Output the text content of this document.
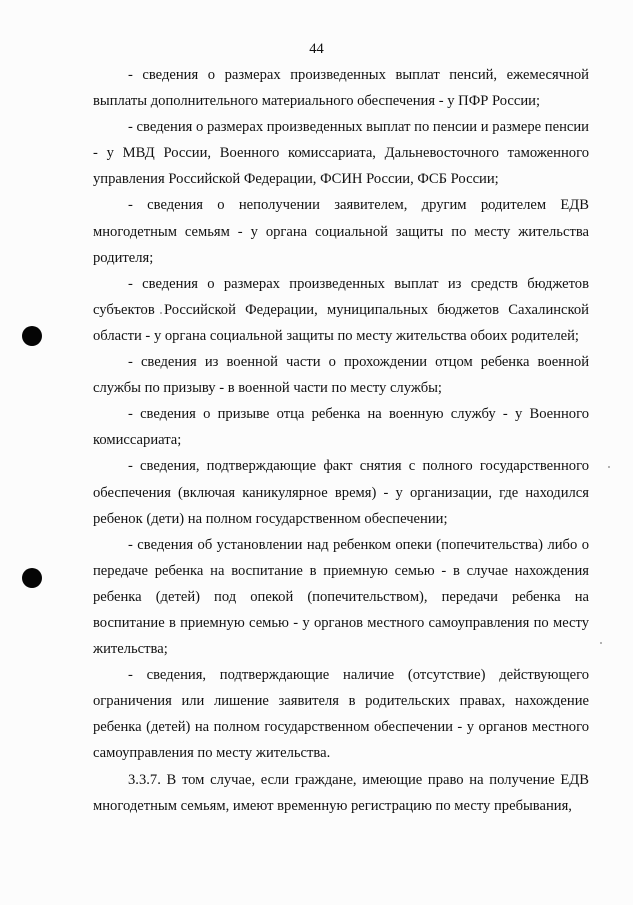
44

- сведения о размерах произведенных выплат пенсий, ежемесячной выплаты дополнительного материального обеспечения - у ПФР России;

- сведения о размерах произведенных выплат по пенсии и размере пенсии - у МВД России, Военного комиссариата, Дальневосточного таможенного управления Российской Федерации, ФСИН России, ФСБ России;

- сведения о неполучении заявителем, другим родителем ЕДВ многодетным семьям - у органа социальной защиты по месту жительства родителя;

- сведения о размерах произведенных выплат из средств бюджетов субъектов Российской Федерации, муниципальных бюджетов Сахалинской области - у органа социальной защиты по месту жительства обоих родителей;

- сведения из военной части о прохождении отцом ребенка военной службы по призыву - в военной части по месту службы;

- сведения о призыве отца ребенка на военную службу - у Военного комиссариата;

- сведения, подтверждающие факт снятия с полного государственного обеспечения (включая каникулярное время) - у организации, где находился ребенок (дети) на полном государственном обеспечении;

- сведения об установлении над ребенком опеки (попечительства) либо о передаче ребенка на воспитание в приемную семью - в случае нахождения ребенка (детей) под опекой (попечительством), передачи ребенка на воспитание в приемную семью - у органов местного самоуправления по месту жительства;

- сведения, подтверждающие наличие (отсутствие) действующего ограничения или лишение заявителя в родительских правах, нахождение ребенка (детей) на полном государственном обеспечении - у органов местного самоуправления по месту жительства.

3.3.7. В том случае, если граждане, имеющие право на получение ЕДВ многодетным семьям, имеют временную регистрацию по месту пребывания,
